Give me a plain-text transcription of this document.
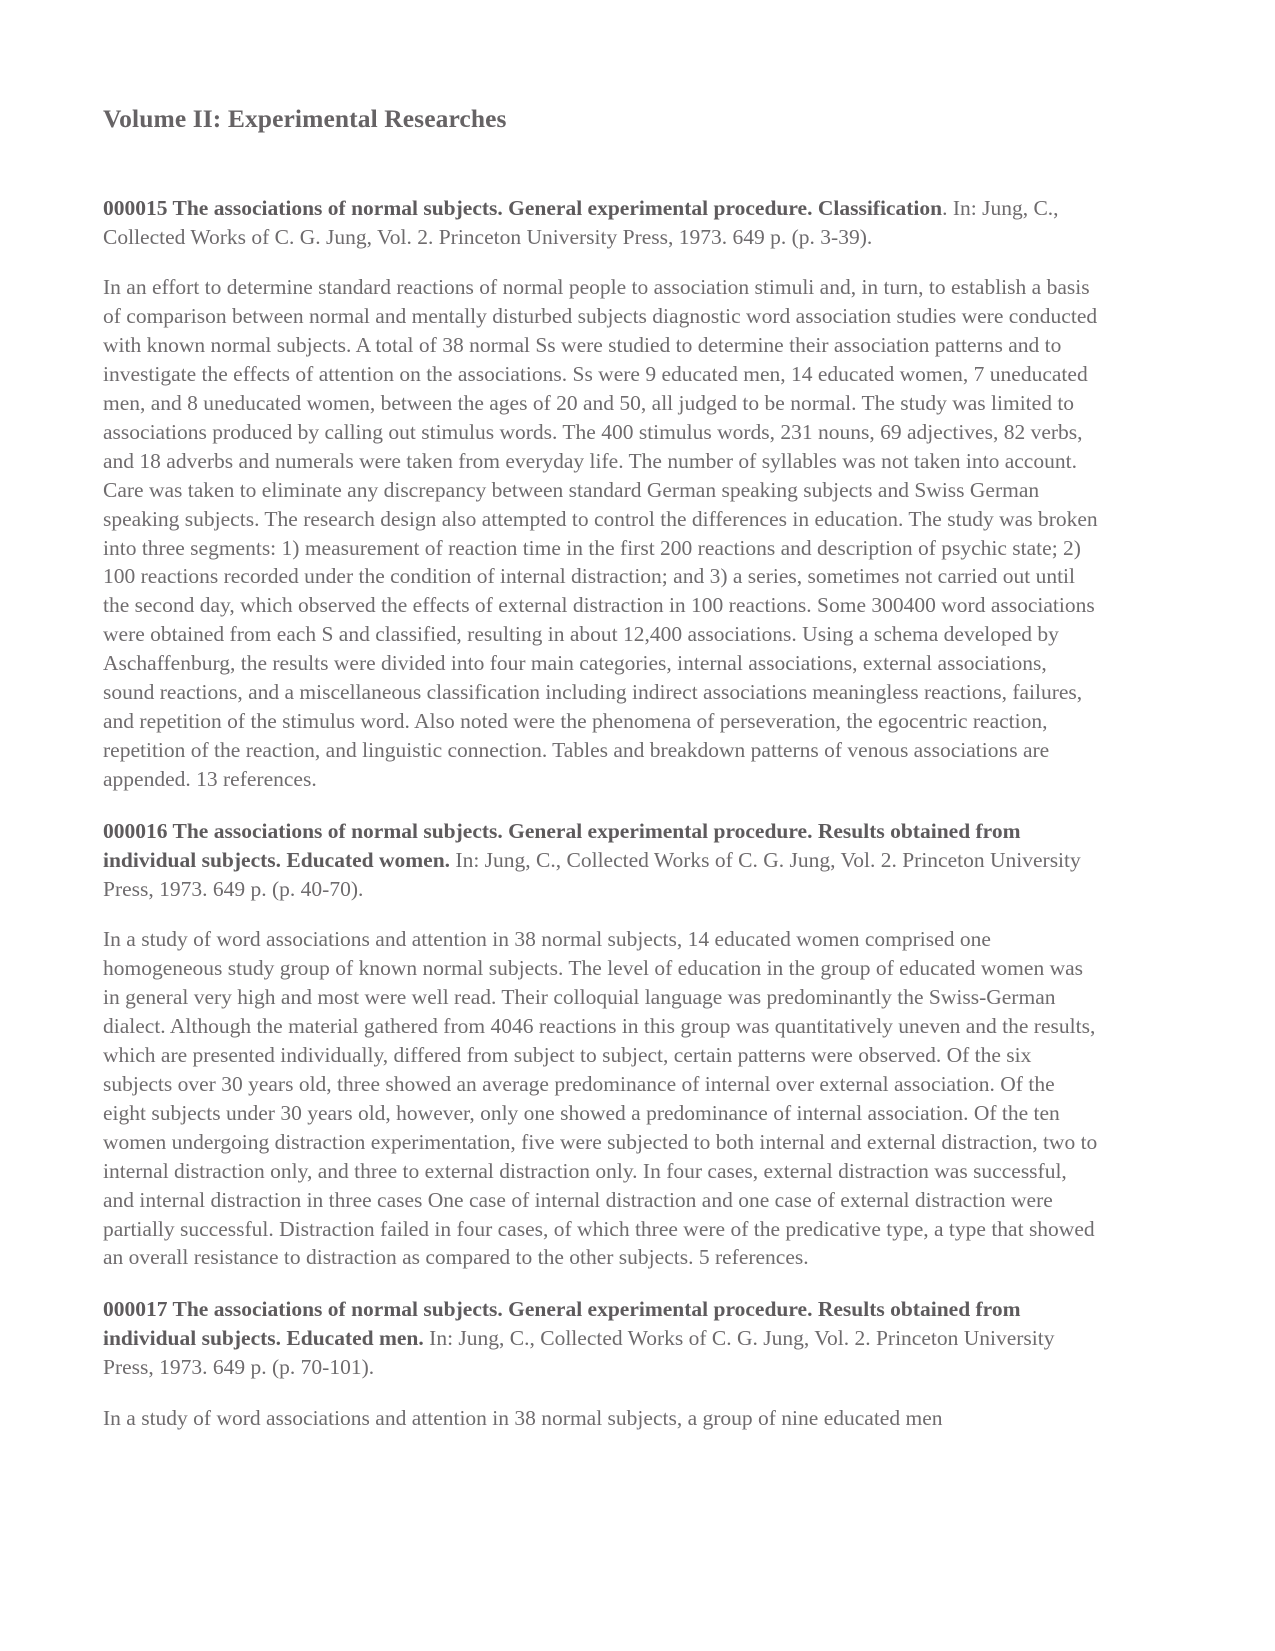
Volume II: Experimental Researches

000015 The associations of normal subjects. General experimental procedure. Classification. In: Jung, C., Collected Works of C. G. Jung, Vol. 2. Princeton University Press, 1973. 649 p. (p. 3-39).

In an effort to determine standard reactions of normal people to association stimuli and, in turn, to establish a basis of comparison between normal and mentally disturbed subjects diagnostic word association studies were conducted with known normal subjects. A total of 38 normal Ss were studied to determine their association patterns and to investigate the effects of attention on the associations. Ss were 9 educated men, 14 educated women, 7 uneducated men, and 8 uneducated women, between the ages of 20 and 50, all judged to be normal. The study was limited to associations produced by calling out stimulus words. The 400 stimulus words, 231 nouns, 69 adjectives, 82 verbs, and 18 adverbs and numerals were taken from everyday life. The number of syllables was not taken into account. Care was taken to eliminate any discrepancy between standard German speaking subjects and Swiss German speaking subjects. The research design also attempted to control the differences in education. The study was broken into three segments: 1) measurement of reaction time in the first 200 reactions and description of psychic state; 2) 100 reactions recorded under the condition of internal distraction; and 3) a series, sometimes not carried out until the second day, which observed the effects of external distraction in 100 reactions. Some 300400 word associations were obtained from each S and classified, resulting in about 12,400 associations. Using a schema developed by Aschaffenburg, the results were divided into four main categories, internal associations, external associations, sound reactions, and a miscellaneous classification including indirect associations meaningless reactions, failures, and repetition of the stimulus word. Also noted were the phenomena of perseveration, the egocentric reaction, repetition of the reaction, and linguistic connection. Tables and breakdown patterns of venous associations are appended. 13 references.

000016 The associations of normal subjects. General experimental procedure. Results obtained from individual subjects. Educated women. In: Jung, C., Collected Works of C. G. Jung, Vol. 2. Princeton University Press, 1973. 649 p. (p. 40-70).

In a study of word associations and attention in 38 normal subjects, 14 educated women comprised one homogeneous study group of known normal subjects. The level of education in the group of educated women was in general very high and most were well read. Their colloquial language was predominantly the Swiss-German dialect. Although the material gathered from 4046 reactions in this group was quantitatively uneven and the results, which are presented individually, differed from subject to subject, certain patterns were observed. Of the six subjects over 30 years old, three showed an average predominance of internal over external association. Of the eight subjects under 30 years old, however, only one showed a predominance of internal association. Of the ten women undergoing distraction experimentation, five were subjected to both internal and external distraction, two to internal distraction only, and three to external distraction only. In four cases, external distraction was successful, and internal distraction in three cases One case of internal distraction and one case of external distraction were partially successful. Distraction failed in four cases, of which three were of the predicative type, a type that showed an overall resistance to distraction as compared to the other subjects. 5 references.

000017 The associations of normal subjects. General experimental procedure. Results obtained from individual subjects. Educated men. In: Jung, C., Collected Works of C. G. Jung, Vol. 2. Princeton University Press, 1973. 649 p. (p. 70-101).

In a study of word associations and attention in 38 normal subjects, a group of nine educated men
